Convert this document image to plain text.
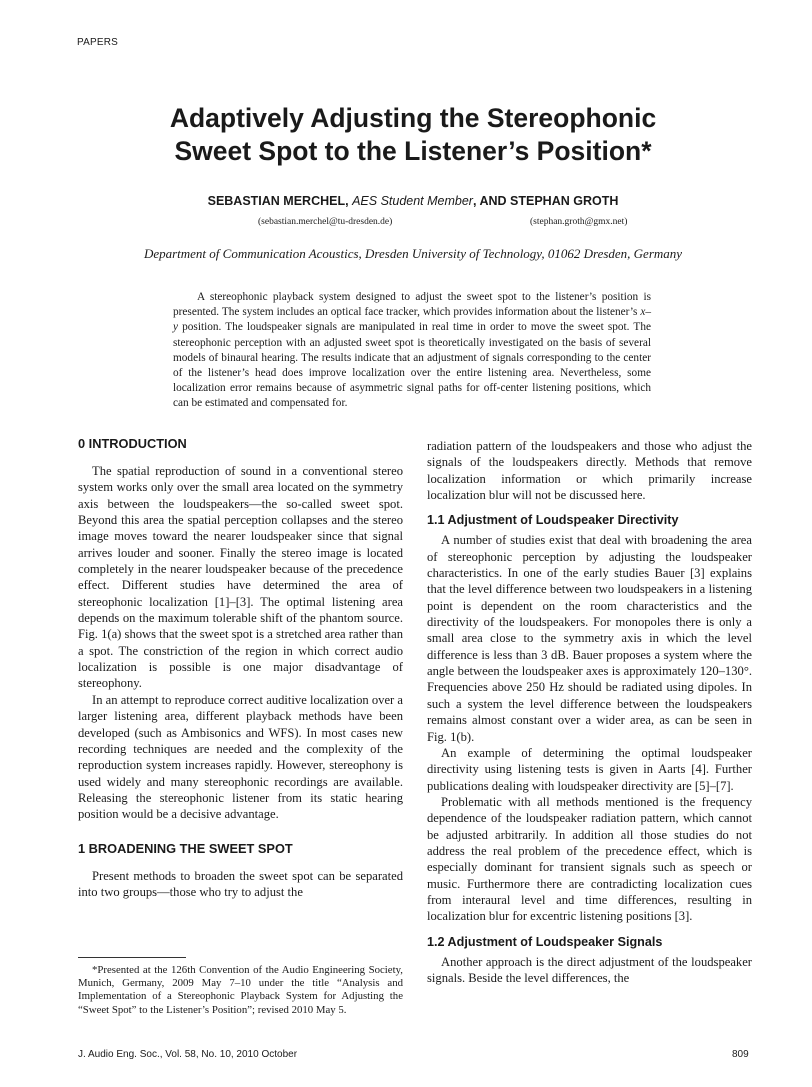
PAPERS
Adaptively Adjusting the Stereophonic
Sweet Spot to the Listener’s Position*
SEBASTIAN MERCHEL, AES Student Member, AND STEPHAN GROTH
(sebastian.merchel@tu-dresden.de)	(stephan.groth@gmx.net)
Department of Communication Acoustics, Dresden University of Technology, 01062 Dresden, Germany

A stereophonic playback system designed to adjust the sweet spot to the listener’s position is presented. The system includes an optical face tracker, which provides information about the listener’s x–y position. The loudspeaker signals are manipulated in real time in order to move the sweet spot. The stereophonic perception with an adjusted sweet spot is theoretically investigated on the basis of several models of binaural hearing. The results indicate that an adjustment of signals corresponding to the center of the listener’s head does improve localization over the entire listening area. Nevertheless, some localization error remains because of asymmetric signal paths for off-center listening positions, which can be estimated and compensated for.

0 INTRODUCTION

The spatial reproduction of sound in a conventional stereo system works only over the small area located on the symmetry axis between the loudspeakers—the so-called sweet spot. Beyond this area the spatial perception collapses and the stereo image moves toward the nearer loudspeaker since that signal arrives louder and sooner. Finally the stereo image is located completely in the nearer loudspeaker because of the precedence effect. Different studies have determined the area of stereophonic localization [1]–[3]. The optimal listening area depends on the maximum tolerable shift of the phantom source. Fig. 1(a) shows that the sweet spot is a stretched area rather than a spot. The constriction of the region in which correct audio localization is possible is one major disadvantage of stereophony.

In an attempt to reproduce correct auditive localization over a larger listening area, different playback methods have been developed (such as Ambisonics and WFS). In most cases new recording techniques are needed and the complexity of the reproduction system increases rapidly. However, stereophony is used widely and many stereophonic recordings are available. Releasing the stereophonic listener from its static hearing position would be a decisive advantage.

1 BROADENING THE SWEET SPOT

Present methods to broaden the sweet spot can be separated into two groups—those who try to adjust the

*Presented at the 126th Convention of the Audio Engineering Society, Munich, Germany, 2009 May 7–10 under the title “Analysis and Implementation of a Stereophonic Playback System for Adjusting the “Sweet Spot” to the Listener’s Position”; revised 2010 May 5.

radiation pattern of the loudspeakers and those who adjust the signals of the loudspeakers directly. Methods that remove localization information or which primarily increase localization blur will not be discussed here.

1.1 Adjustment of Loudspeaker Directivity

A number of studies exist that deal with broadening the area of stereophonic perception by adjusting the loudspeaker characteristics. In one of the early studies Bauer [3] explains that the level difference between two loudspeakers in a listening point is dependent on the room characteristics and the directivity of the loudspeakers. For monopoles there is only a small area close to the symmetry axis in which the level difference is less than 3 dB. Bauer proposes a system where the angle between the loudspeaker axes is approximately 120–130°. Frequencies above 250 Hz should be radiated using dipoles. In such a system the level difference between the loudspeakers remains almost constant over a wider area, as can be seen in Fig. 1(b).

An example of determining the optimal loudspeaker directivity using listening tests is given in Aarts [4]. Further publications dealing with loudspeaker directivity are [5]–[7].

Problematic with all methods mentioned is the frequency dependence of the loudspeaker radiation pattern, which cannot be adjusted arbitrarily. In addition all those studies do not address the real problem of the precedence effect, which is especially dominant for transient signals such as speech or music. Furthermore there are contradicting localization cues from interaural level and time differences, resulting in localization blur for excentric listening positions [3].

1.2 Adjustment of Loudspeaker Signals

Another approach is the direct adjustment of the loudspeaker signals. Beside the level differences, the

J. Audio Eng. Soc., Vol. 58, No. 10, 2010 October	809
